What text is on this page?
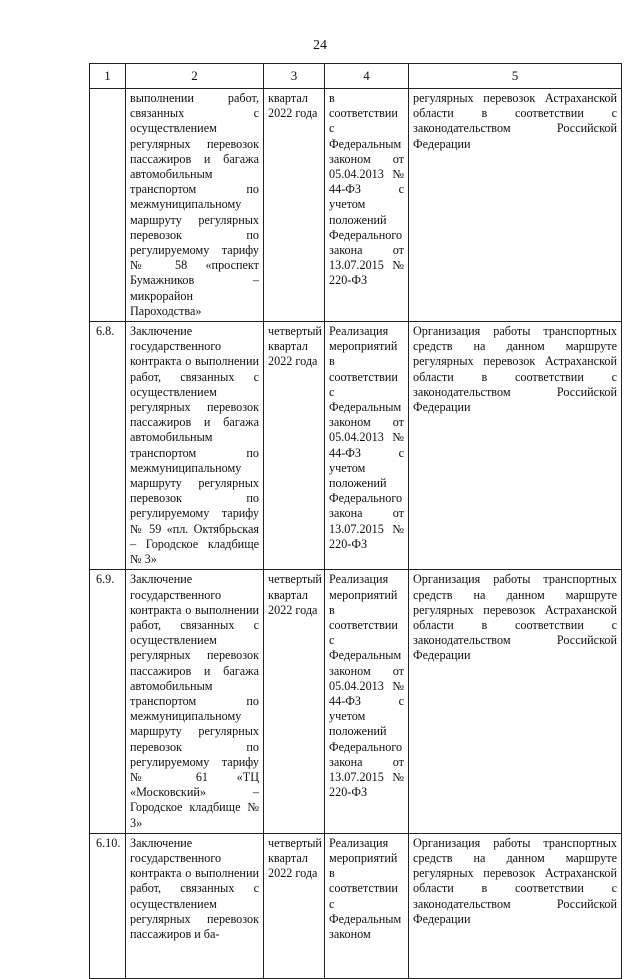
24
1	2	3	4	5
	выполнении работ, связанных с осуществлением регулярных перевозок пассажиров и багажа автомобильным транспортом по межмуниципальному маршруту регулярных перевозок по регулируемому тарифу № 58 «проспект Бумажников – микрорайон Пароходства»	квартал 2022 года	в соответствии с Федеральным законом от 05.04.2013 № 44-ФЗ с учетом положений Федерального закона от 13.07.2015 № 220-ФЗ	регулярных перевозок Астраханской области в соответствии с законодательством Российской Федерации
6.8.	Заключение государственного контракта о выполнении работ, связанных с осуществлением регулярных перевозок пассажиров и багажа автомобильным транспортом по межмуниципальному маршруту регулярных перевозок по регулируемому тарифу № 59 «пл. Октябрьская – Городское кладбище № 3»	четвертый квартал 2022 года	Реализация мероприятий в соответствии с Федеральным законом от 05.04.2013 № 44-ФЗ с учетом положений Федерального закона от 13.07.2015 № 220-ФЗ	Организация работы транспортных средств на данном маршруте регулярных перевозок Астраханской области в соответствии с законодательством Российской Федерации
6.9.	Заключение государственного контракта о выполнении работ, связанных с осуществлением регулярных перевозок пассажиров и багажа автомобильным транспортом по межмуниципальному маршруту регулярных перевозок по регулируемому тарифу № 61 «ТЦ «Московский» – Городское кладбище № 3»	четвертый квартал 2022 года	Реализация мероприятий в соответствии с Федеральным законом от 05.04.2013 № 44-ФЗ с учетом положений Федерального закона от 13.07.2015 № 220-ФЗ	Организация работы транспортных средств на данном маршруте регулярных перевозок Астраханской области в соответствии с законодательством Российской Федерации
6.10.	Заключение государственного контракта о выполнении работ, связанных с осуществлением регулярных перевозок пассажиров и ба-	четвертый квартал 2022 года	Реализация мероприятий в соответствии с Федеральным законом	Организация работы транспортных средств на данном маршруте регулярных перевозок Астраханской области в соответствии с законодательством Российской Федерации
